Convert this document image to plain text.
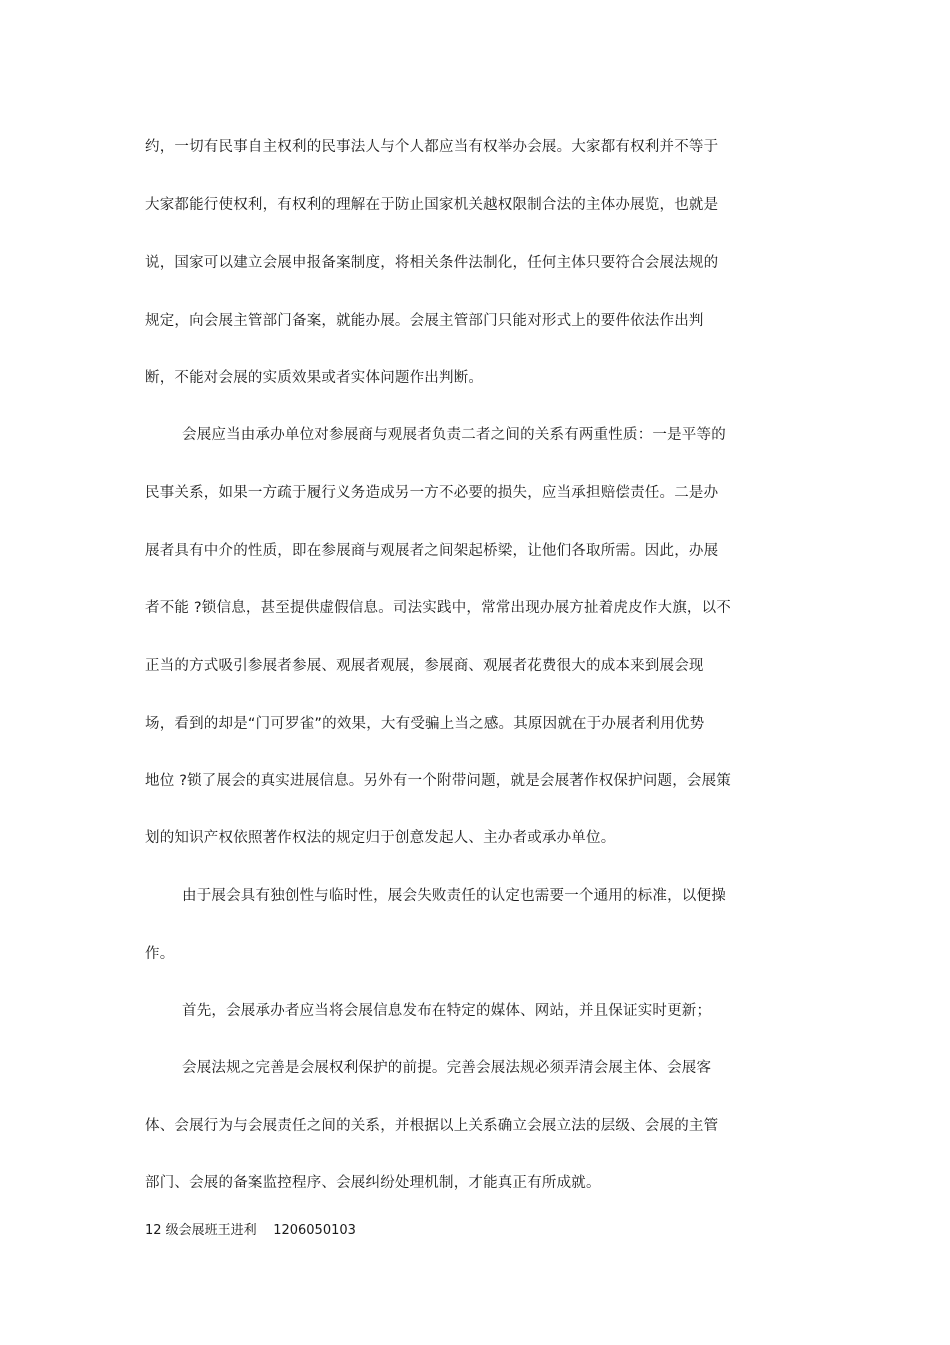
约，一切有民事自主权利的民事法人与个人都应当有权举办会展。大家都有权利并不等于
大家都能行使权利，有权利的理解在于防止国家机关越权限制合法的主体办展览，也就是
说，国家可以建立会展申报备案制度，将相关条件法制化，任何主体只要符合会展法规的
规定，向会展主管部门备案，就能办展。会展主管部门只能对形式上的要件依法作出判
断，不能对会展的实质效果或者实体问题作出判断。
会展应当由承办单位对参展商与观展者负责二者之间的关系有两重性质：一是平等的
民事关系，如果一方疏于履行义务造成另一方不必要的损失，应当承担赔偿责任。二是办
展者具有中介的性质，即在参展商与观展者之间架起桥梁，让他们各取所需。因此，办展
者不能 ?锁信息，甚至提供虚假信息。司法实践中，常常出现办展方扯着虎皮作大旗，以不
正当的方式吸引参展者参展、观展者观展，参展商、观展者花费很大的成本来到展会现
场，看到的却是“门可罗雀”的效果，大有受骗上当之感。其原因就在于办展者利用优势
地位 ?锁了展会的真实进展信息。另外有一个附带问题，就是会展著作权保护问题，会展策
划的知识产权依照著作权法的规定归于创意发起人、主办者或承办单位。
由于展会具有独创性与临时性，展会失败责任的认定也需要一个通用的标准，以便操
作。
首先，会展承办者应当将会展信息发布在特定的媒体、网站，并且保证实时更新；
会展法规之完善是会展权利保护的前提。完善会展法规必须弄清会展主体、会展客
体、会展行为与会展责任之间的关系，并根据以上关系确立会展立法的层级、会展的主管
部门、会展的备案监控程序、会展纠纷处理机制，才能真正有所成就。
12 级会展班王进利    1206050103
